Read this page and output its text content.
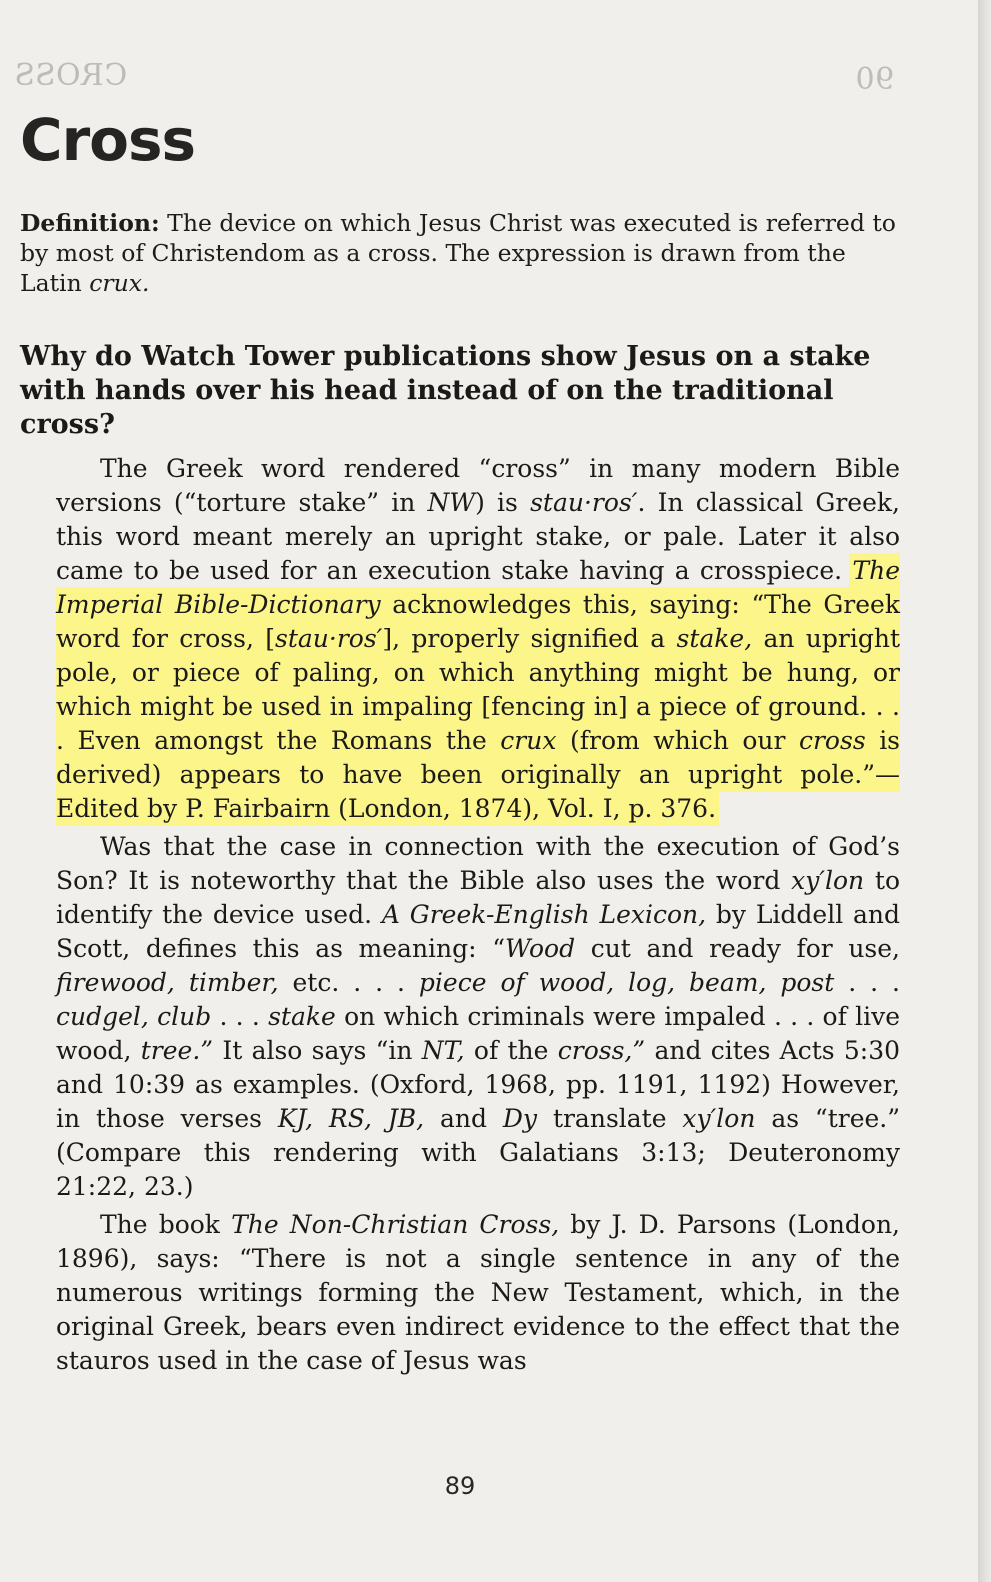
CROSS	90
Cross

Definition: The device on which Jesus Christ was executed is referred to by most of Christendom as a cross. The expression is drawn from the Latin crux.

Why do Watch Tower publications show Jesus on a stake with hands over his head instead of on the traditional cross?

The Greek word rendered “cross” in many modern Bible versions (“torture stake” in NW) is stau·ros′. In classical Greek, this word meant merely an upright stake, or pale. Later it also came to be used for an execution stake having a crosspiece. The Imperial Bible-Dictionary acknowledges this, saying: “The Greek word for cross, [stau·ros′], properly signified a stake, an upright pole, or piece of paling, on which anything might be hung, or which might be used in impaling [fencing in] a piece of ground. . . . Even amongst the Romans the crux (from which our cross is derived) appears to have been originally an upright pole.”—Edited by P. Fairbairn (London, 1874), Vol. I, p. 376.

Was that the case in connection with the execution of God’s Son? It is noteworthy that the Bible also uses the word xy′lon to identify the device used. A Greek-English Lexicon, by Liddell and Scott, defines this as meaning: “Wood cut and ready for use, firewood, timber, etc. . . . piece of wood, log, beam, post . . . cudgel, club . . . stake on which criminals were impaled . . . of live wood, tree.” It also says “in NT, of the cross,” and cites Acts 5:30 and 10:39 as examples. (Oxford, 1968, pp. 1191, 1192) However, in those verses KJ, RS, JB, and Dy translate xy′lon as “tree.” (Compare this rendering with Galatians 3:13; Deuteronomy 21:22, 23.)

The book The Non-Christian Cross, by J. D. Parsons (London, 1896), says: “There is not a single sentence in any of the numerous writings forming the New Testament, which, in the original Greek, bears even indirect evidence to the effect that the stauros used in the case of Jesus was

89
